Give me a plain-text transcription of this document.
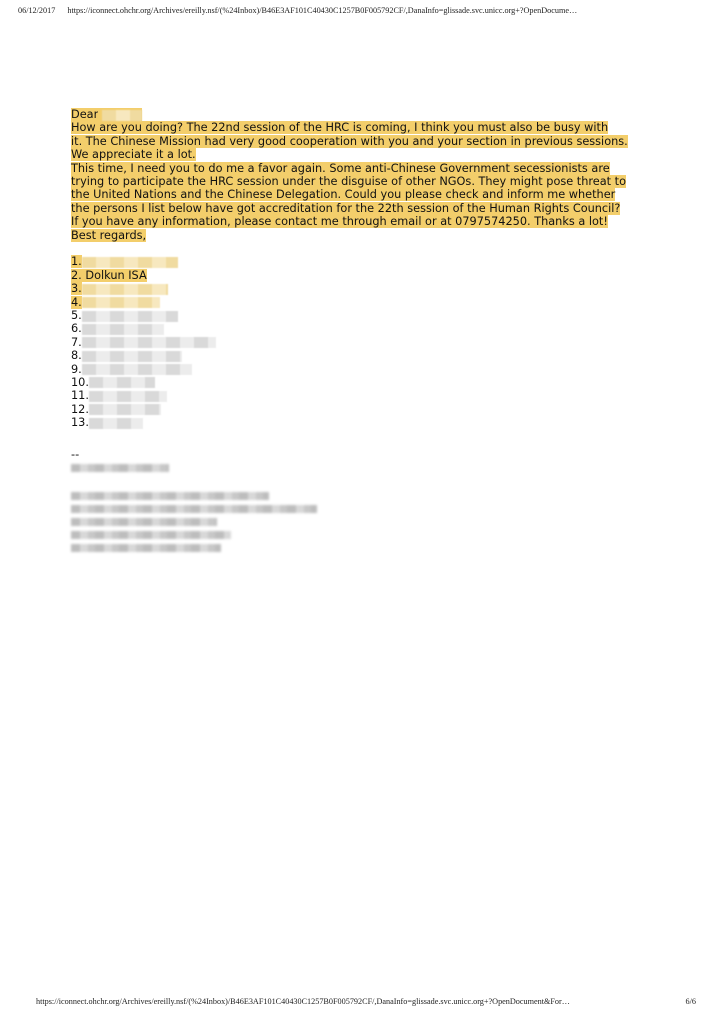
06/12/2017 https://iconnect.ohchr.org/Archives/ereilly.nsf/(%24Inbox)/B46E3AF101C40430C1257B0F005792CF/,DanaInfo=glissade.svc.unicc.org+?OpenDocume…
Dear
How are you doing? The 22nd session of the HRC is coming, I think you must also be busy with
it. The Chinese Mission had very good cooperation with you and your section in previous sessions.
We appreciate it a lot.
This time, I need you to do me a favor again. Some anti-Chinese Government secessionists are
trying to participate the HRC session under the disguise of other NGOs. They might pose threat to
the United Nations and the Chinese Delegation. Could you please check and inform me whether
the persons I list below have got accreditation for the 22th session of the Human Rights Council?
If you have any information, please contact me through email or at 0797574250. Thanks a lot!
Best regards,
1.
2. Dolkun ISA
3.
4.
5.
6.
7.
8.
9.
10.
11.
12.
13.
--
https://iconnect.ohchr.org/Archives/ereilly.nsf/(%24Inbox)/B46E3AF101C40430C1257B0F005792CF/,DanaInfo=glissade.svc.unicc.org+?OpenDocument&For…	6/6
